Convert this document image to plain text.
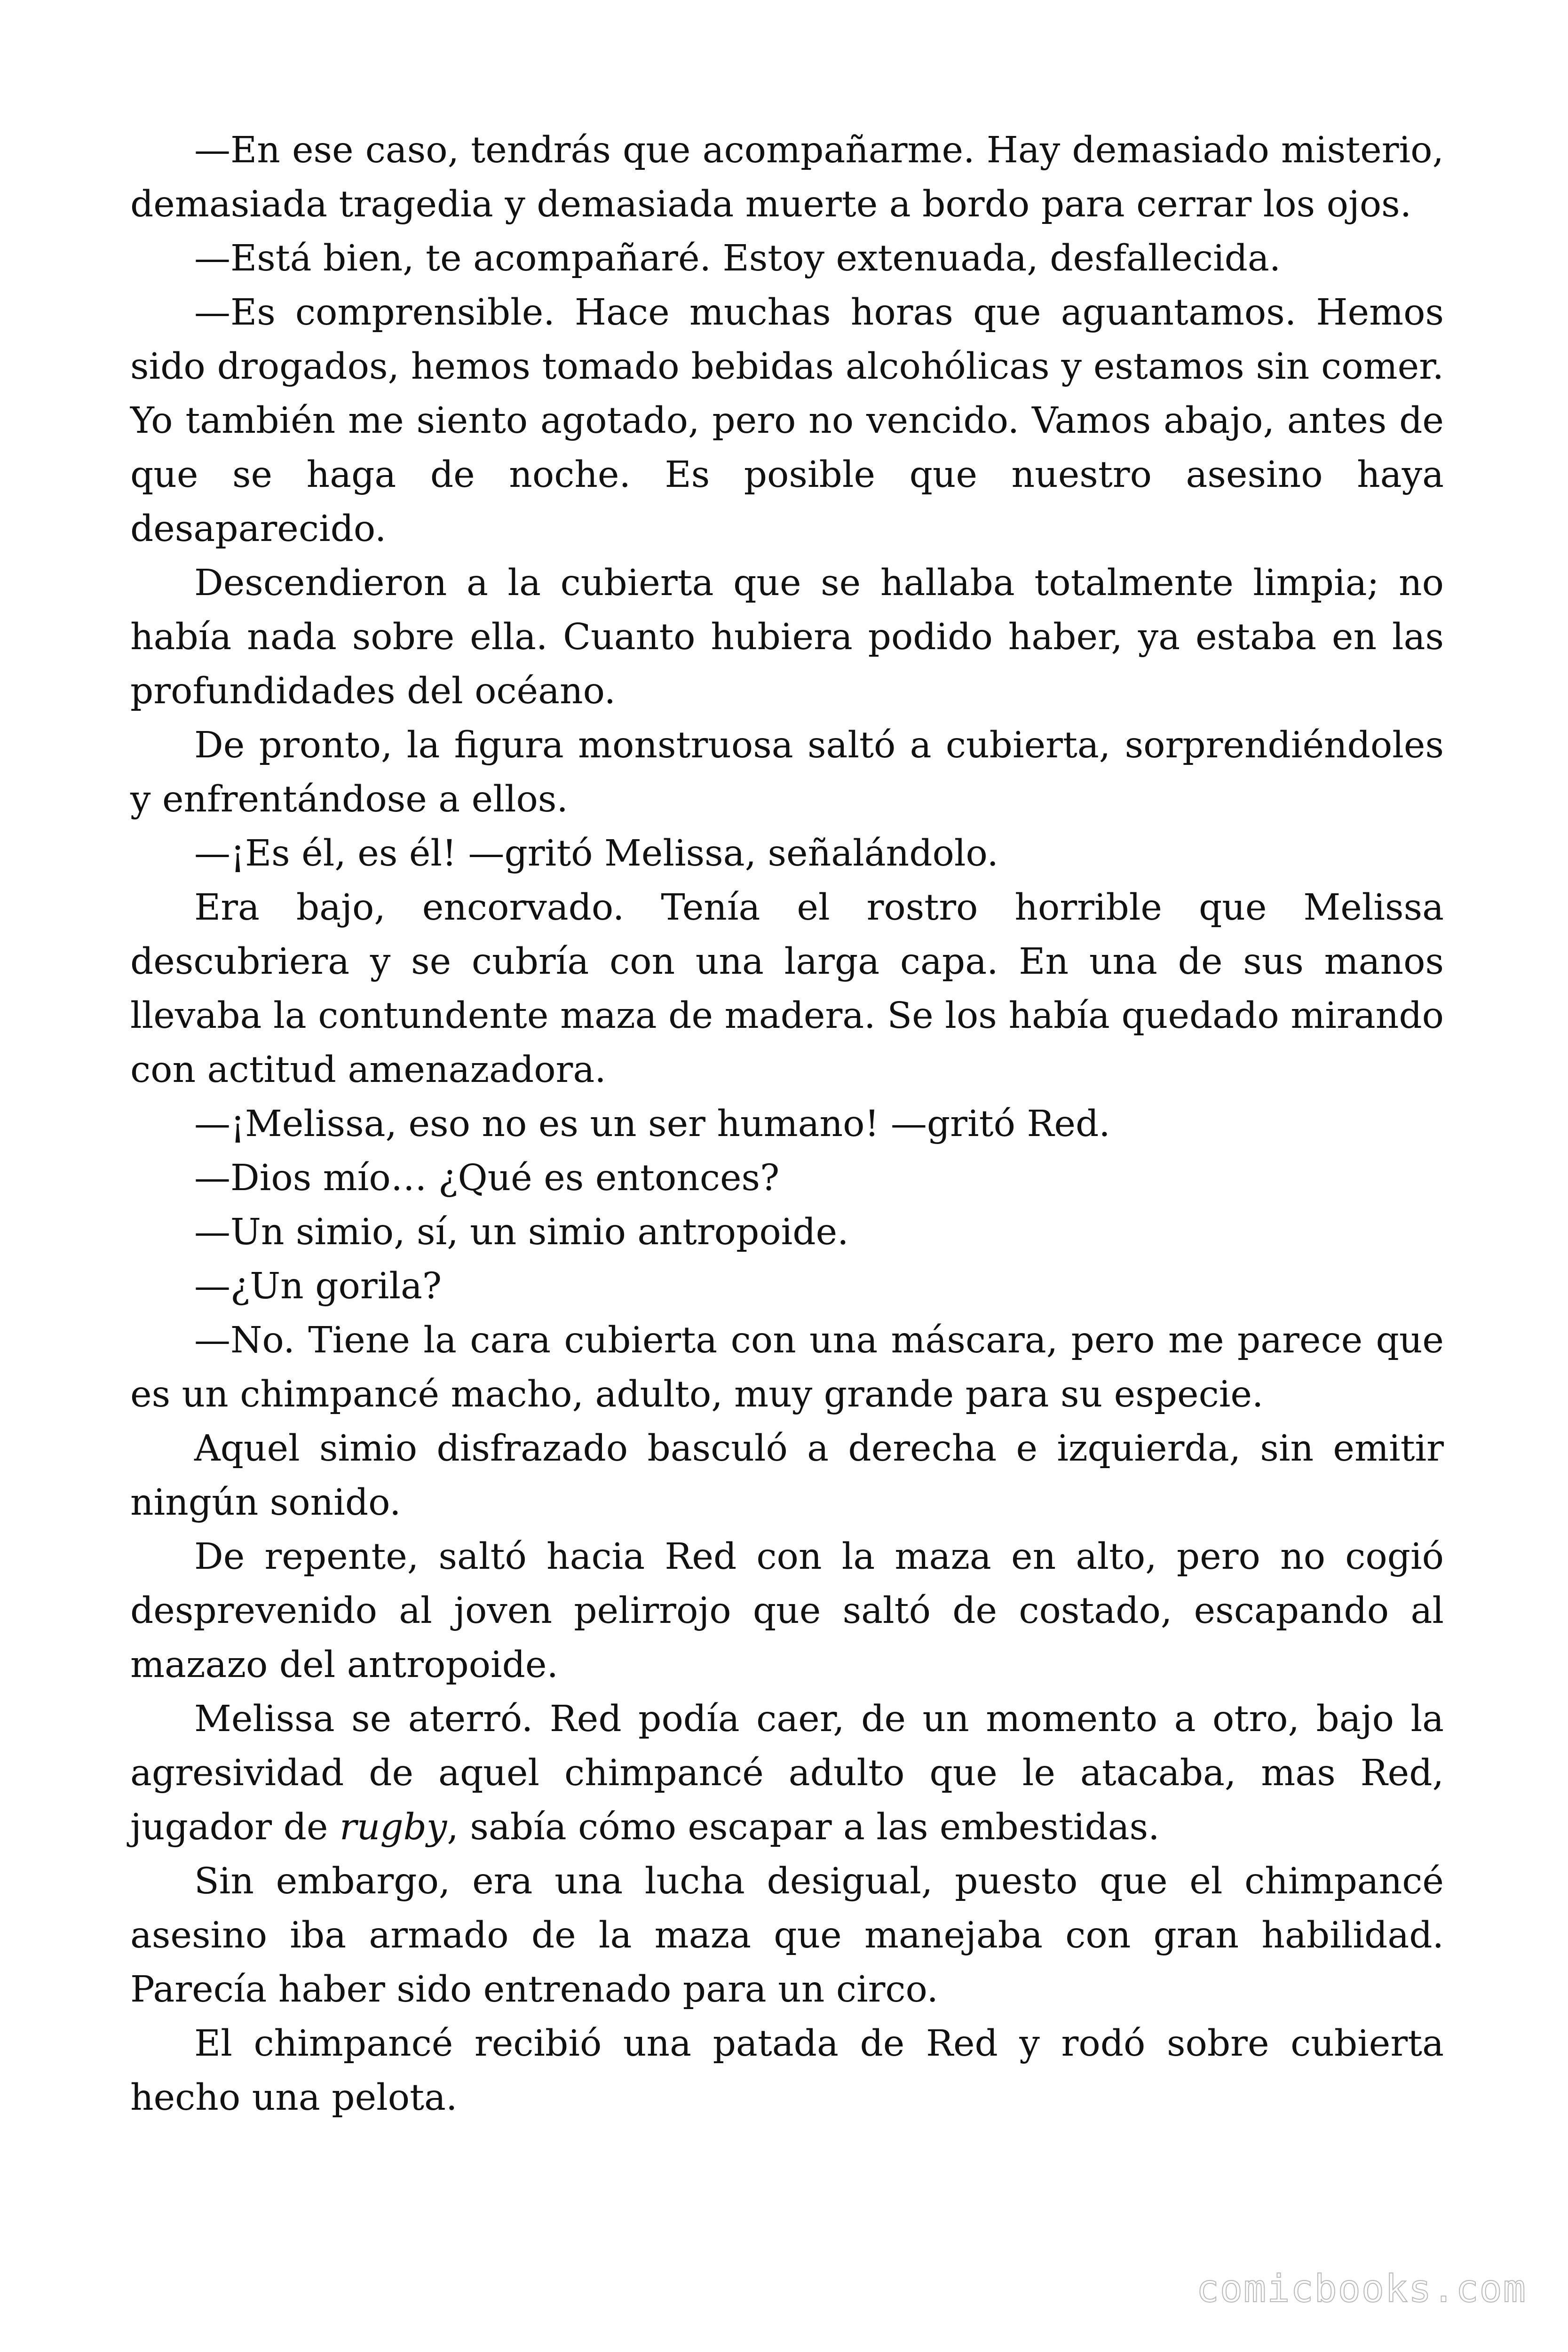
—En ese caso, tendrás que acompañarme. Hay demasiado misterio, demasiada tragedia y demasiada muerte a bordo para cerrar los ojos.

—Está bien, te acompañaré. Estoy extenuada, desfallecida.

—Es comprensible. Hace muchas horas que aguantamos. Hemos sido drogados, hemos tomado bebidas alcohólicas y estamos sin comer. Yo también me siento agotado, pero no vencido. Vamos abajo, antes de que se haga de noche. Es posible que nuestro asesino haya desaparecido.

Descendieron a la cubierta que se hallaba totalmente limpia; no había nada sobre ella. Cuanto hubiera podido haber, ya estaba en las profundidades del océano.

De pronto, la figura monstruosa saltó a cubierta, sorprendiéndoles y enfrentándose a ellos.

—¡Es él, es él! —gritó Melissa, señalándolo.

Era bajo, encorvado. Tenía el rostro horrible que Melissa descubriera y se cubría con una larga capa. En una de sus manos llevaba la contundente maza de madera. Se los había quedado mirando con actitud amenazadora.

—¡Melissa, eso no es un ser humano! —gritó Red.

—Dios mío… ¿Qué es entonces?

—Un simio, sí, un simio antropoide.

—¿Un gorila?

—No. Tiene la cara cubierta con una máscara, pero me parece que es un chimpancé macho, adulto, muy grande para su especie.

Aquel simio disfrazado basculó a derecha e izquierda, sin emitir ningún sonido.

De repente, saltó hacia Red con la maza en alto, pero no cogió desprevenido al joven pelirrojo que saltó de costado, escapando al mazazo del antropoide.

Melissa se aterró. Red podía caer, de un momento a otro, bajo la agresividad de aquel chimpancé adulto que le atacaba, mas Red, jugador de rugby, sabía cómo escapar a las embestidas.

Sin embargo, era una lucha desigual, puesto que el chimpancé asesino iba armado de la maza que manejaba con gran habilidad. Parecía haber sido entrenado para un circo.

El chimpancé recibió una patada de Red y rodó sobre cubierta hecho una pelota.

comicbooks.com
